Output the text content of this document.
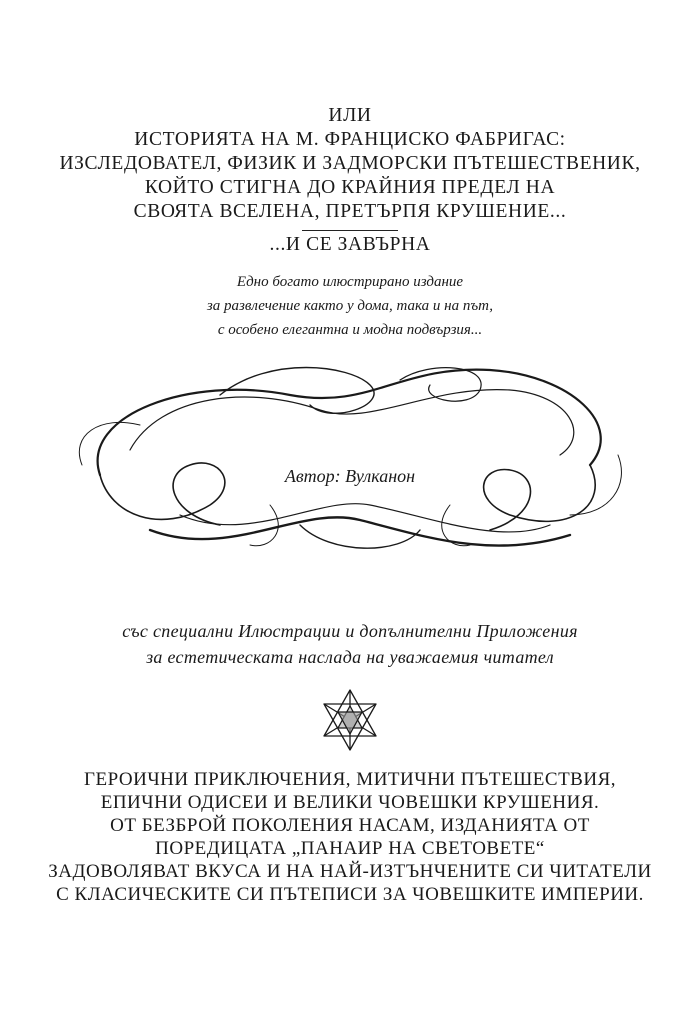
ИЛИ
ИСТОРИЯТА НА М. ФРАНЦИСКО ФАБРИГАС:
ИЗСЛЕДОВАТЕЛ, ФИЗИК И ЗАДМОРСКИ ПЪТЕШЕСТВЕНИК,
КОЙТО СТИГНА ДО КРАЙНИЯ ПРЕДЕЛ НА
СВОЯТА ВСЕЛЕНА, ПРЕТЪРПЯ КРУШЕНИЕ...
...И СЕ ЗАВЪРНА
Едно богато илюстрирано издание
за развлечение както у дома, така и на път,
с особено елегантна и модна подвързия...
Автор: Вулканон
със специални Илюстрации и допълнителни Приложения
за естетическата наслада на уважаемия читател
ГЕРОИЧНИ ПРИКЛЮЧЕНИЯ, МИТИЧНИ ПЪТЕШЕСТВИЯ,
ЕПИЧНИ ОДИСЕИ И ВЕЛИКИ ЧОВЕШКИ КРУШЕНИЯ.
ОТ БЕЗБРОЙ ПОКОЛЕНИЯ НАСАМ, ИЗДАНИЯТА ОТ
ПОРЕДИЦАТА „ПАНАИР НА СВЕТОВЕТЕ“
ЗАДОВОЛЯВАТ ВКУСА И НА НАЙ-ИЗТЪНЧЕНИТЕ СИ ЧИТАТЕЛИ
С КЛАСИЧЕСКИТЕ СИ ПЪТЕПИСИ ЗА ЧОВЕШКИТЕ ИМПЕРИИ.
